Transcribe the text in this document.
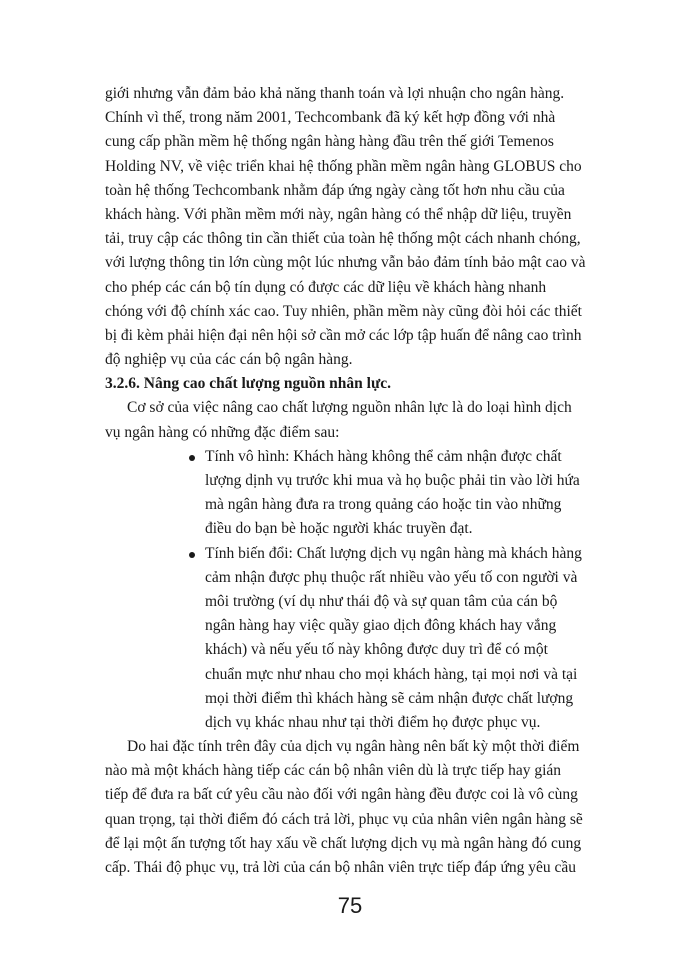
giới nhưng vẫn đảm bảo khả năng thanh toán và lợi nhuận cho ngân hàng.
Chính vì thế, trong năm 2001, Techcombank đã ký kết hợp đồng với nhà
cung cấp phần mềm hệ thống ngân hàng hàng đầu trên thế giới Temenos
Holding NV, về việc triển khai hệ thống phần mềm ngân hàng GLOBUS cho
toàn hệ thống Techcombank nhằm đáp ứng ngày càng tốt hơn nhu cầu của
khách hàng. Với phần mềm mới này, ngân hàng có thể nhập dữ liệu, truyền
tải, truy cập các thông tin cần thiết của toàn hệ thống một cách nhanh chóng,
với lượng thông tin lớn cùng một lúc nhưng vẫn bảo đảm tính bảo mật cao và
cho phép các cán bộ tín dụng có được các dữ liệu về khách hàng nhanh
chóng với độ chính xác cao. Tuy nhiên, phần mềm này cũng đòi hỏi các thiết
bị đi kèm phải hiện đại nên hội sở cần mở các lớp tập huấn để nâng cao trình
độ nghiệp vụ của các cán bộ ngân hàng.
3.2.6. Nâng cao chất lượng nguồn nhân lực.
Cơ sở của việc nâng cao chất lượng nguồn nhân lực là do loại hình dịch
vụ ngân hàng có những đặc điểm sau:
Tính vô hình: Khách hàng không thể cảm nhận được chất
lượng dịnh vụ trước khi mua và họ buộc phải tin vào lời hứa
mà ngân hàng đưa ra trong quảng cáo hoặc tin vào những
điều do bạn bè hoặc người khác truyền đạt.
Tính biến đổi: Chất lượng dịch vụ ngân hàng mà khách hàng
cảm nhận được phụ thuộc rất nhiều vào yếu tố con người và
môi trường (ví dụ như thái độ và sự quan tâm của cán bộ
ngân hàng hay việc quầy giao dịch đông khách hay vắng
khách) và nếu yếu tố này không được duy trì để có một
chuẩn mực như nhau cho mọi khách hàng, tại mọi nơi và tại
mọi thời điểm thì khách hàng sẽ cảm nhận được chất lượng
dịch vụ khác nhau như tại thời điểm họ được phục vụ.
Do hai đặc tính trên đây của dịch vụ ngân hàng nên bất kỳ một thời điểm
nào mà một khách hàng tiếp các cán bộ nhân viên dù là trực tiếp hay gián
tiếp để đưa ra bất cứ yêu cầu nào đối với ngân hàng đều được coi là vô cùng
quan trọng, tại thời điểm đó cách trả lời, phục vụ của nhân viên ngân hàng sẽ
để lại một ấn tượng tốt hay xấu về chất lượng dịch vụ mà ngân hàng đó cung
cấp. Thái độ phục vụ, trả lời của cán bộ nhân viên trực tiếp đáp ứng yêu cầu
75
